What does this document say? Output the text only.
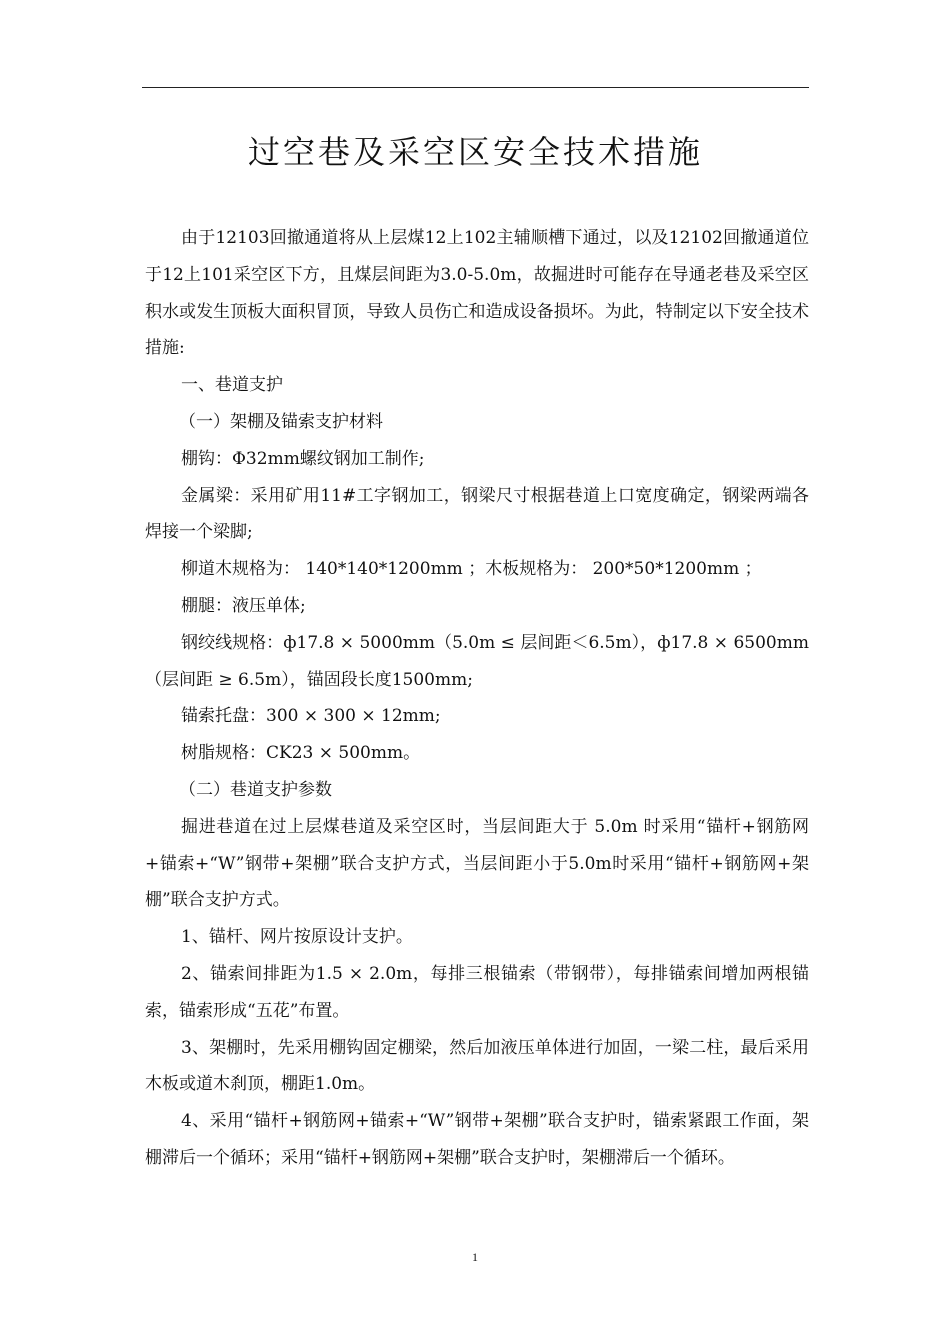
过空巷及采空区安全技术措施

由于12103回撤通道将从上层煤12上102主辅顺槽下通过，以及12102回撤通道位于12上101采空区下方，且煤层间距为3.0-5.0m，故掘进时可能存在导通老巷及采空区积水或发生顶板大面积冒顶，导致人员伤亡和造成设备损坏。为此，特制定以下安全技术措施:

一、巷道支护

（一）架棚及锚索支护材料

棚钩：Φ32mm螺纹钢加工制作;

金属梁：采用矿用11#工字钢加工，钢梁尺寸根据巷道上口宽度确定，钢梁两端各焊接一个梁脚;

柳道木规格为： 140*140*1200mm ；木板规格为： 200*50*1200mm ；

棚腿：液压单体;

钢绞线规格：ф17.8 × 5000mm（5.0m ≤ 层间距＜6.5m），ф17.8 × 6500mm（层间距 ≥ 6.5m），锚固段长度1500mm;

锚索托盘：300 × 300 × 12mm;

树脂规格：CK23 × 500mm。

（二）巷道支护参数

掘进巷道在过上层煤巷道及采空区时，当层间距大于 5.0m 时采用“锚杆+钢筋网+锚索+“W”钢带+架棚”联合支护方式，当层间距小于5.0m时采用“锚杆+钢筋网+架棚”联合支护方式。

1、锚杆、网片按原设计支护。

2、锚索间排距为1.5 × 2.0m，每排三根锚索（带钢带），每排锚索间增加两根锚索，锚索形成“五花”布置。

3、架棚时，先采用棚钩固定棚梁，然后加液压单体进行加固，一梁二柱，最后采用木板或道木刹顶，棚距1.0m。

4、采用“锚杆+钢筋网+锚索+“W”钢带+架棚”联合支护时，锚索紧跟工作面，架棚滞后一个循环；采用“锚杆+钢筋网+架棚”联合支护时，架棚滞后一个循环。

1
